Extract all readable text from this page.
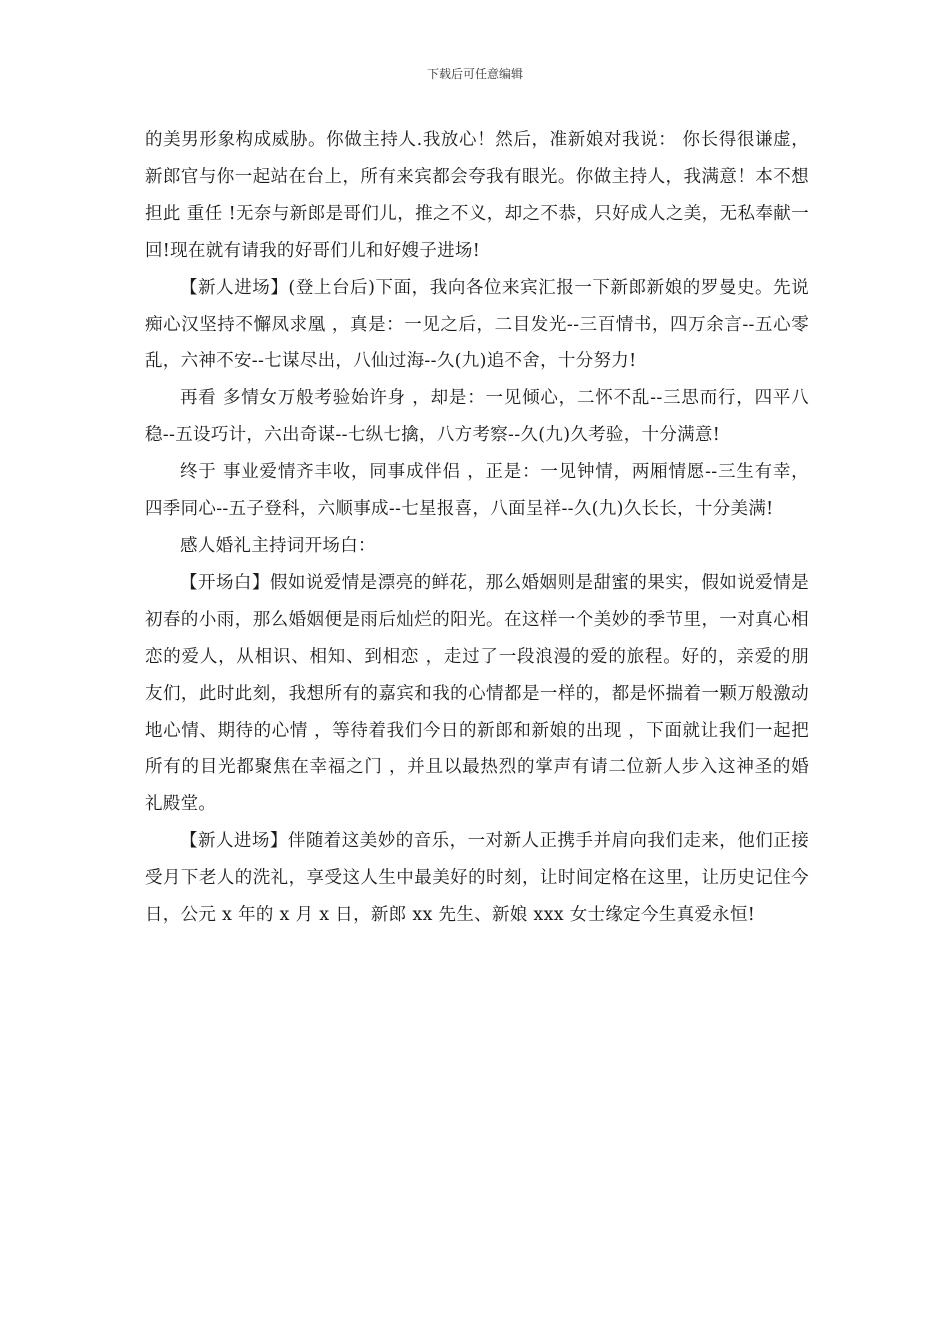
下载后可任意编辑

的美男形象构成威胁。你做主持人.我放心！然后，准新娘对我说： 你长得很谦虚，新郎官与你一起站在台上，所有来宾都会夸我有眼光。你做主持人，我满意！本不想担此 重任 !无奈与新郎是哥们儿，推之不义，却之不恭，只好成人之美，无私奉献一回!现在就有请我的好哥们儿和好嫂子进场!

【新人进场】(登上台后)下面，我向各位来宾汇报一下新郎新娘的罗曼史。先说 痴心汉坚持不懈凤求凰 ，真是：一见之后，二目发光--三百情书，四万余言--五心零乱，六神不安--七谋尽出，八仙过海--久(九)追不舍，十分努力!

再看 多情女万般考验始许身 ，却是：一见倾心，二怀不乱--三思而行，四平八稳--五设巧计，六出奇谋--七纵七擒，八方考察--久(九)久考验，十分满意!

终于 事业爱情齐丰收，同事成伴侣 ，正是：一见钟情，两厢情愿--三生有幸，四季同心--五子登科，六顺事成--七星报喜，八面呈祥--久(九)久长长，十分美满!

感人婚礼主持词开场白：

【开场白】假如说爱情是漂亮的鲜花，那么婚姻则是甜蜜的果实，假如说爱情是初春的小雨，那么婚姻便是雨后灿烂的阳光。在这样一个美妙的季节里，一对真心相恋的爱人，从相识、相知、到相恋 ，走过了一段浪漫的爱的旅程。好的，亲爱的朋友们，此时此刻，我想所有的嘉宾和我的心情都是一样的，都是怀揣着一颗万般激动地心情、期待的心情 ，等待着我们今日的新郎和新娘的出现 ，下面就让我们一起把所有的目光都聚焦在幸福之门 ，并且以最热烈的掌声有请二位新人步入这神圣的婚礼殿堂。

【新人进场】伴随着这美妙的音乐，一对新人正携手并肩向我们走来，他们正接受月下老人的洗礼，享受这人生中最美好的时刻，让时间定格在这里，让历史记住今日，公元 x 年的 x 月 x 日，新郎 xx 先生、新娘 xxx 女士缘定今生真爱永恒!
